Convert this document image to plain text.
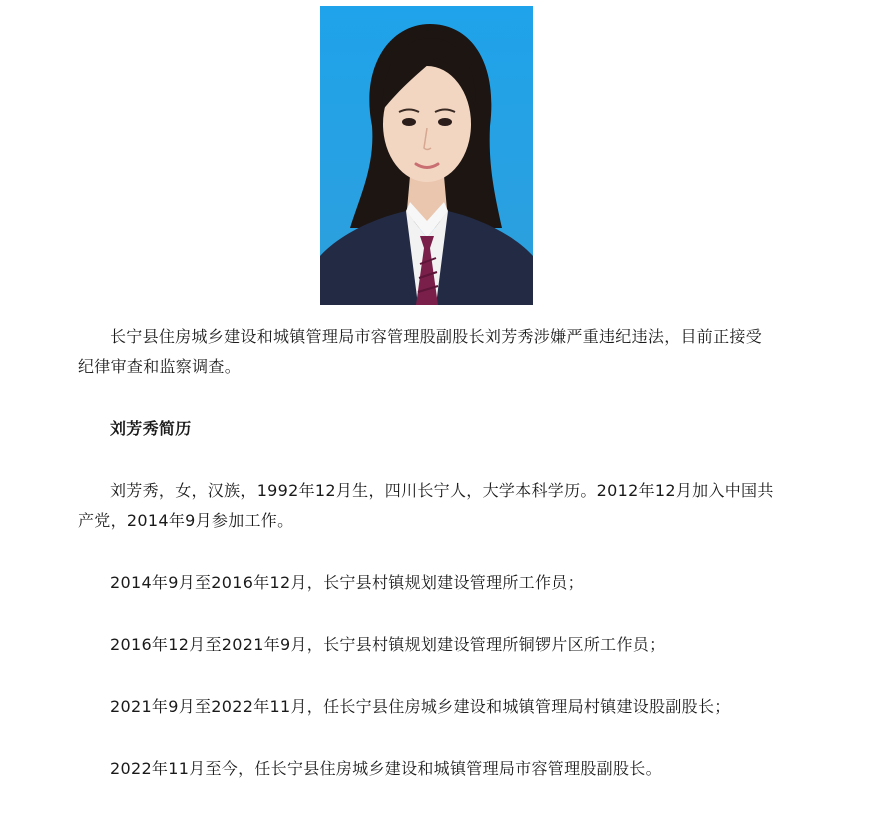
长宁县住房城乡建设和城镇管理局市容管理股副股长刘芳秀涉嫌严重违纪违法，目前正接受纪律审查和监察调查。

刘芳秀简历

刘芳秀，女，汉族，1992年12月生，四川长宁人，大学本科学历。2012年12月加入中国共产党，2014年9月参加工作。

2014年9月至2016年12月，长宁县村镇规划建设管理所工作员；

2016年12月至2021年9月，长宁县村镇规划建设管理所铜锣片区所工作员；

2021年9月至2022年11月，任长宁县住房城乡建设和城镇管理局村镇建设股副股长；

2022年11月至今，任长宁县住房城乡建设和城镇管理局市容管理股副股长。
